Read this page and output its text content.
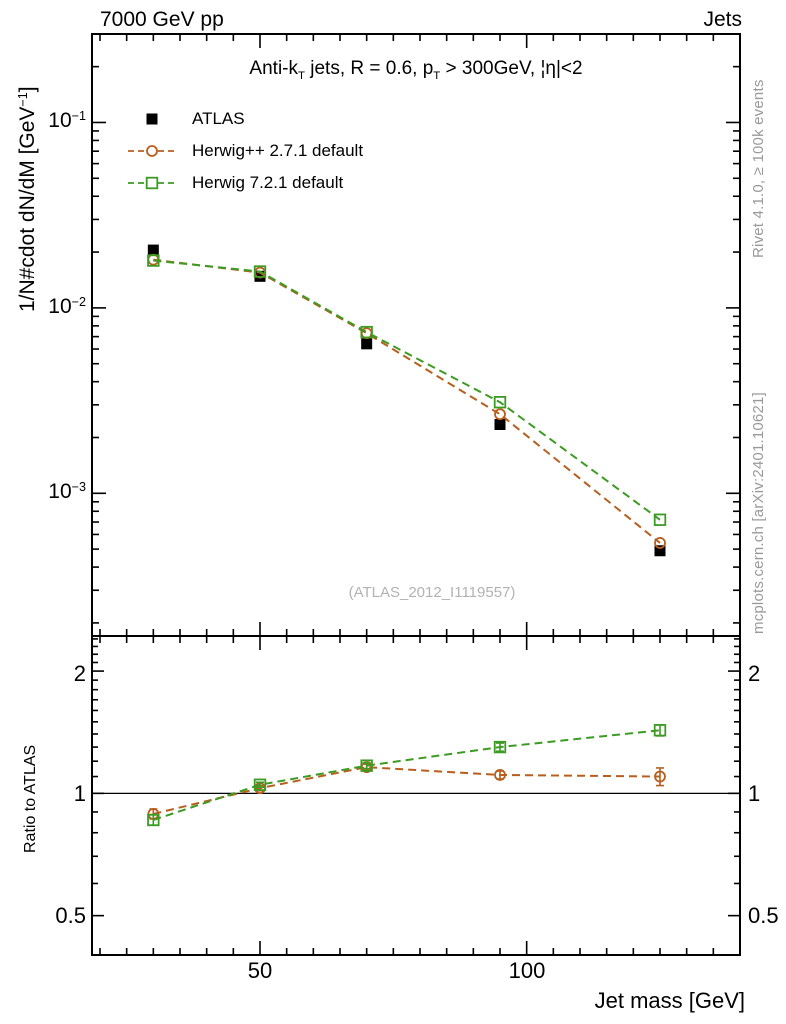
7000 GeV pp	Jets
Anti-$k_T$ jets, R = 0.6, $p_T > 300GeV$, ¦η|<2
ATLAS
Herwig++ 2.7.1 default
Herwig 7.2.1 default
1/N#cdot dN/dM [GeV$^{-1}$]
Ratio to ATLAS
$10^{-1}$
$10^{-2}$
$10^{-3}$
2
1
0.5
2
1
0.5
50	100
Jet mass [GeV]
Rivet 4.1.0, ≥ 100k events
mcplots.cern.ch [arXiv:2401.10621]
(ATLAS_2012_I1119557)
